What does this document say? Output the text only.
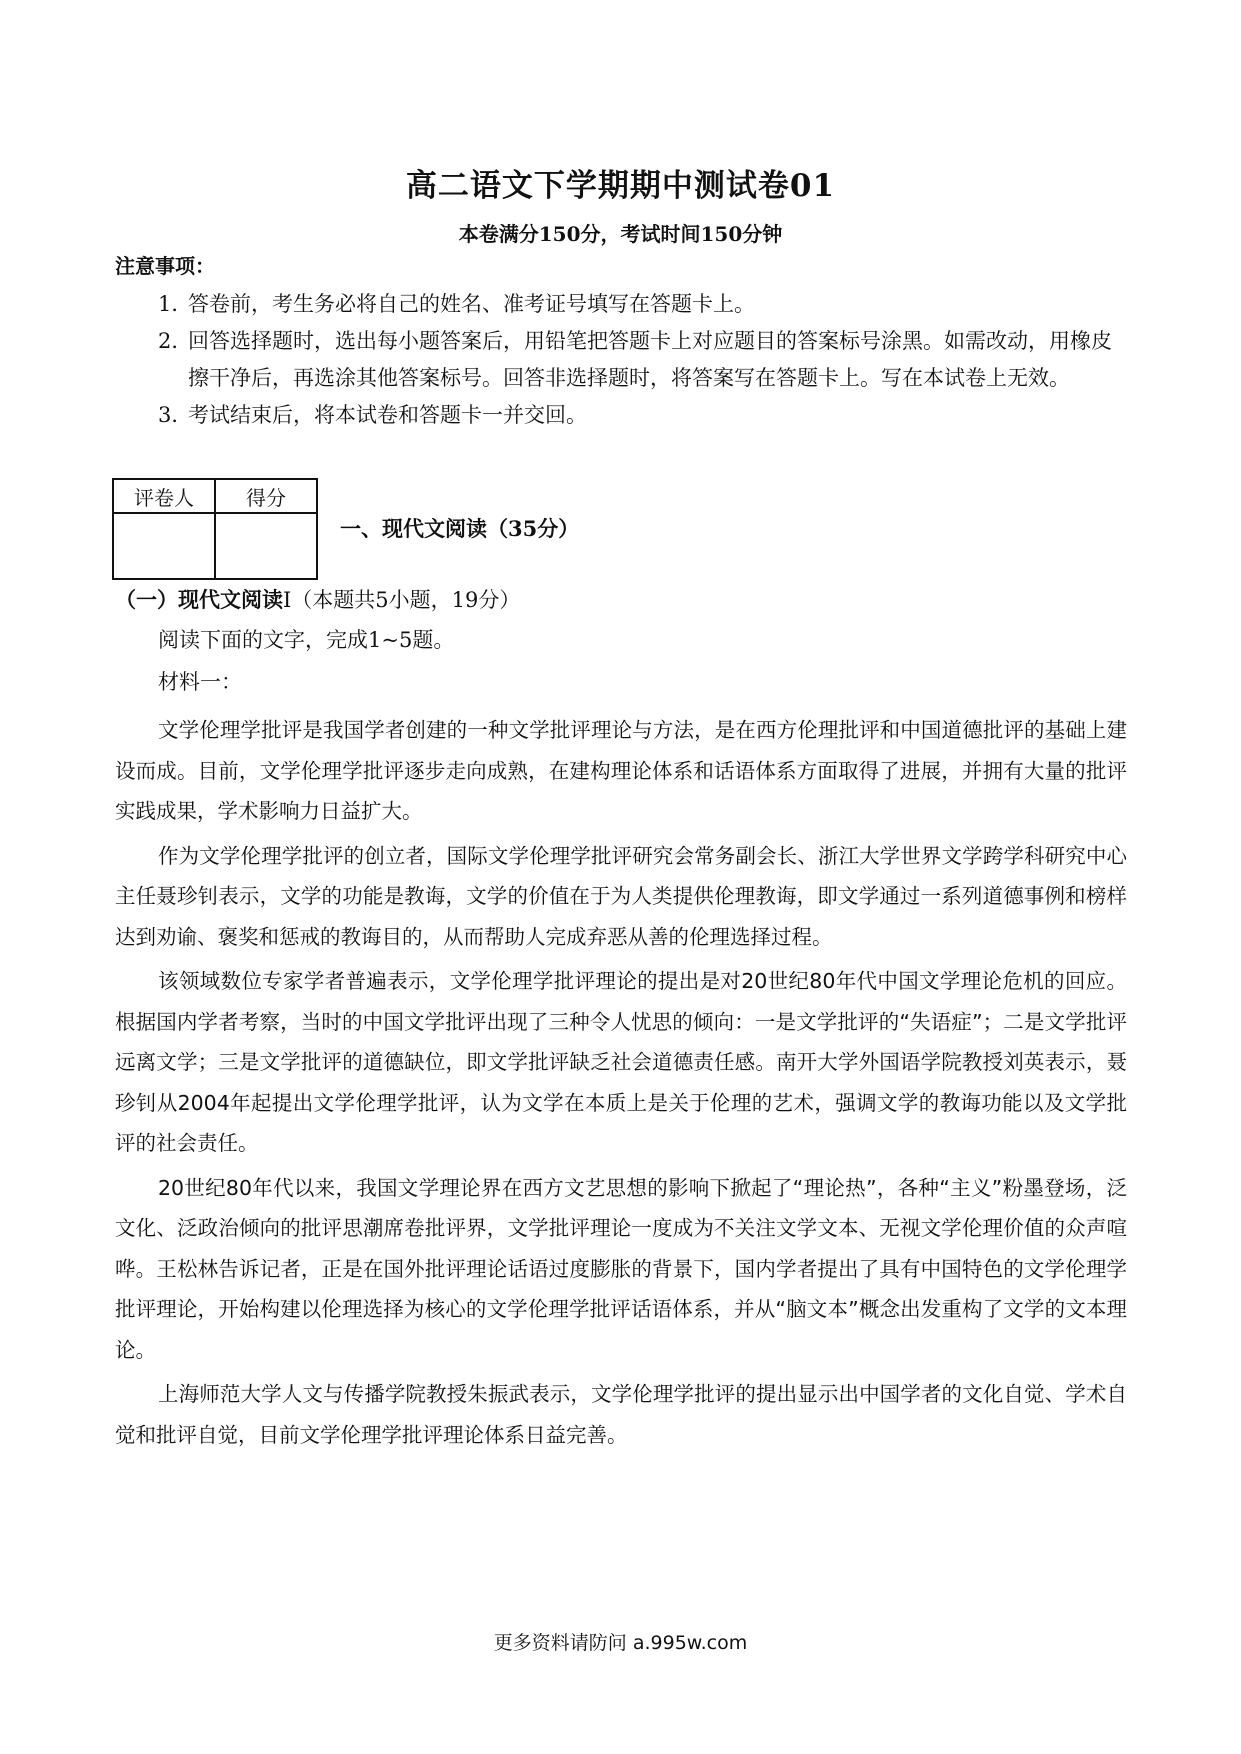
高二语文下学期期中测试卷01
本卷满分150分，考试时间150分钟
注意事项：
1．
答卷前，考生务必将自己的姓名、准考证号填写在答题卡上。
2．
回答选择题时，选出每小题答案后，用铅笔把答题卡上对应题目的答案标号涂黑。如需改动，用橡皮擦干净后，再选涂其他答案标号。回答非选择题时，将答案写在答题卡上。写在本试卷上无效。
3．
考试结束后，将本试卷和答题卡一并交回。
评卷人	得分

一、现代文阅读（35分）
（一）现代文阅读I（本题共5小题，19分）
阅读下面的文字，完成1~5题。
材料一：

文学伦理学批评是我国学者创建的一种文学批评理论与方法，是在西方伦理批评和中国道德批评的基础上建设而成。目前，文学伦理学批评逐步走向成熟，在建构理论体系和话语体系方面取得了进展，并拥有大量的批评实践成果，学术影响力日益扩大。

作为文学伦理学批评的创立者，国际文学伦理学批评研究会常务副会长、浙江大学世界文学跨学科研究中心主任聂珍钊表示，文学的功能是教诲，文学的价值在于为人类提供伦理教诲，即文学通过一系列道德事例和榜样达到劝谕、褒奖和惩戒的教诲目的，从而帮助人完成弃恶从善的伦理选择过程。

该领域数位专家学者普遍表示，文学伦理学批评理论的提出是对20世纪80年代中国文学理论危机的回应。根据国内学者考察，当时的中国文学批评出现了三种令人忧思的倾向：一是文学批评的“失语症”；二是文学批评远离文学；三是文学批评的道德缺位，即文学批评缺乏社会道德责任感。南开大学外国语学院教授刘英表示，聂珍钊从2004年起提出文学伦理学批评，认为文学在本质上是关于伦理的艺术，强调文学的教诲功能以及文学批评的社会责任。

20世纪80年代以来，我国文学理论界在西方文艺思想的影响下掀起了“理论热”，各种“主义”粉墨登场，泛文化、泛政治倾向的批评思潮席卷批评界，文学批评理论一度成为不关注文学文本、无视文学伦理价值的众声喧哗。王松林告诉记者，正是在国外批评理论话语过度膨胀的背景下，国内学者提出了具有中国特色的文学伦理学批评理论，开始构建以伦理选择为核心的文学伦理学批评话语体系，并从“脑文本”概念出发重构了文学的文本理论。

上海师范大学人文与传播学院教授朱振武表示，文学伦理学批评的提出显示出中国学者的文化自觉、学术自觉和批评自觉，目前文学伦理学批评理论体系日益完善。

更多资料请防问 a.995w.com
